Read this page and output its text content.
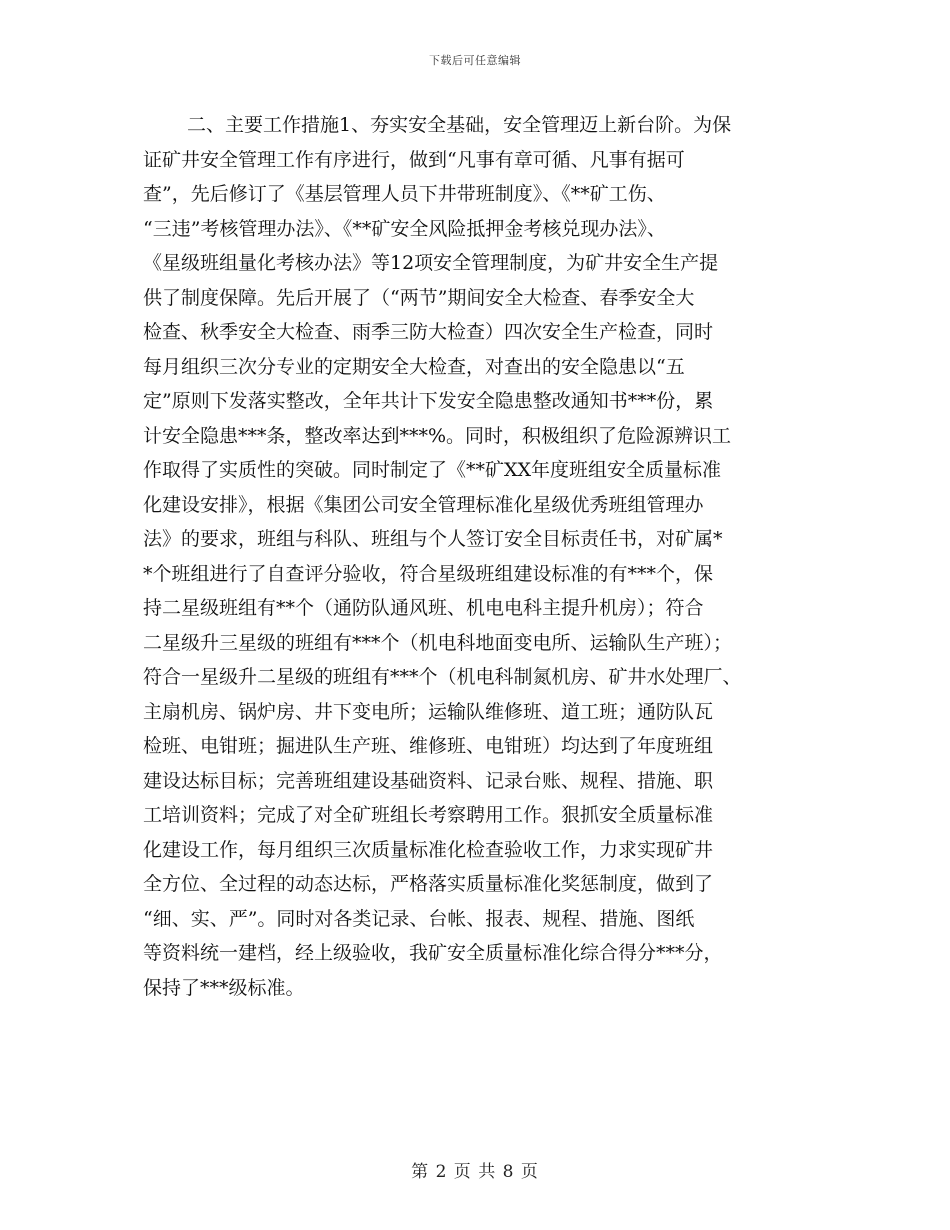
下载后可任意编辑
二、主要工作措施1、夯实安全基础，安全管理迈上新台阶。为保
证矿井安全管理工作有序进行，做到“凡事有章可循、凡事有据可
查”，先后修订了《基层管理人员下井带班制度》、《**矿工伤、
“三违”考核管理办法》、《**矿安全风险抵押金考核兑现办法》、
《星级班组量化考核办法》等12项安全管理制度，为矿井安全生产提
供了制度保障。先后开展了（“两节”期间安全大检查、春季安全大
检查、秋季安全大检查、雨季三防大检查）四次安全生产检查，同时
每月组织三次分专业的定期安全大检查，对查出的安全隐患以“五
定”原则下发落实整改，全年共计下发安全隐患整改通知书***份，累
计安全隐患***条，整改率达到***%。同时，积极组织了危险源辨识工
作取得了实质性的突破。同时制定了《**矿XX年度班组安全质量标准
化建设安排》，根据《集团公司安全管理标准化星级优秀班组管理办
法》的要求，班组与科队、班组与个人签订安全目标责任书，对矿属*
*个班组进行了自查评分验收，符合星级班组建设标准的有***个，保
持二星级班组有**个（通防队通风班、机电电科主提升机房）；符合
二星级升三星级的班组有***个（机电科地面变电所、运输队生产班）；
符合一星级升二星级的班组有***个（机电科制氮机房、矿井水处理厂、
主扇机房、锅炉房、井下变电所；运输队维修班、道工班；通防队瓦
检班、电钳班；掘进队生产班、维修班、电钳班）均达到了年度班组
建设达标目标；完善班组建设基础资料、记录台账、规程、措施、职
工培训资料；完成了对全矿班组长考察聘用工作。狠抓安全质量标准
化建设工作，每月组织三次质量标准化检查验收工作，力求实现矿井
全方位、全过程的动态达标，严格落实质量标准化奖惩制度，做到了
“细、实、严”。同时对各类记录、台帐、报表、规程、措施、图纸
等资料统一建档，经上级验收，我矿安全质量标准化综合得分***分，
保持了***级标准。
第 2 页 共 8 页
